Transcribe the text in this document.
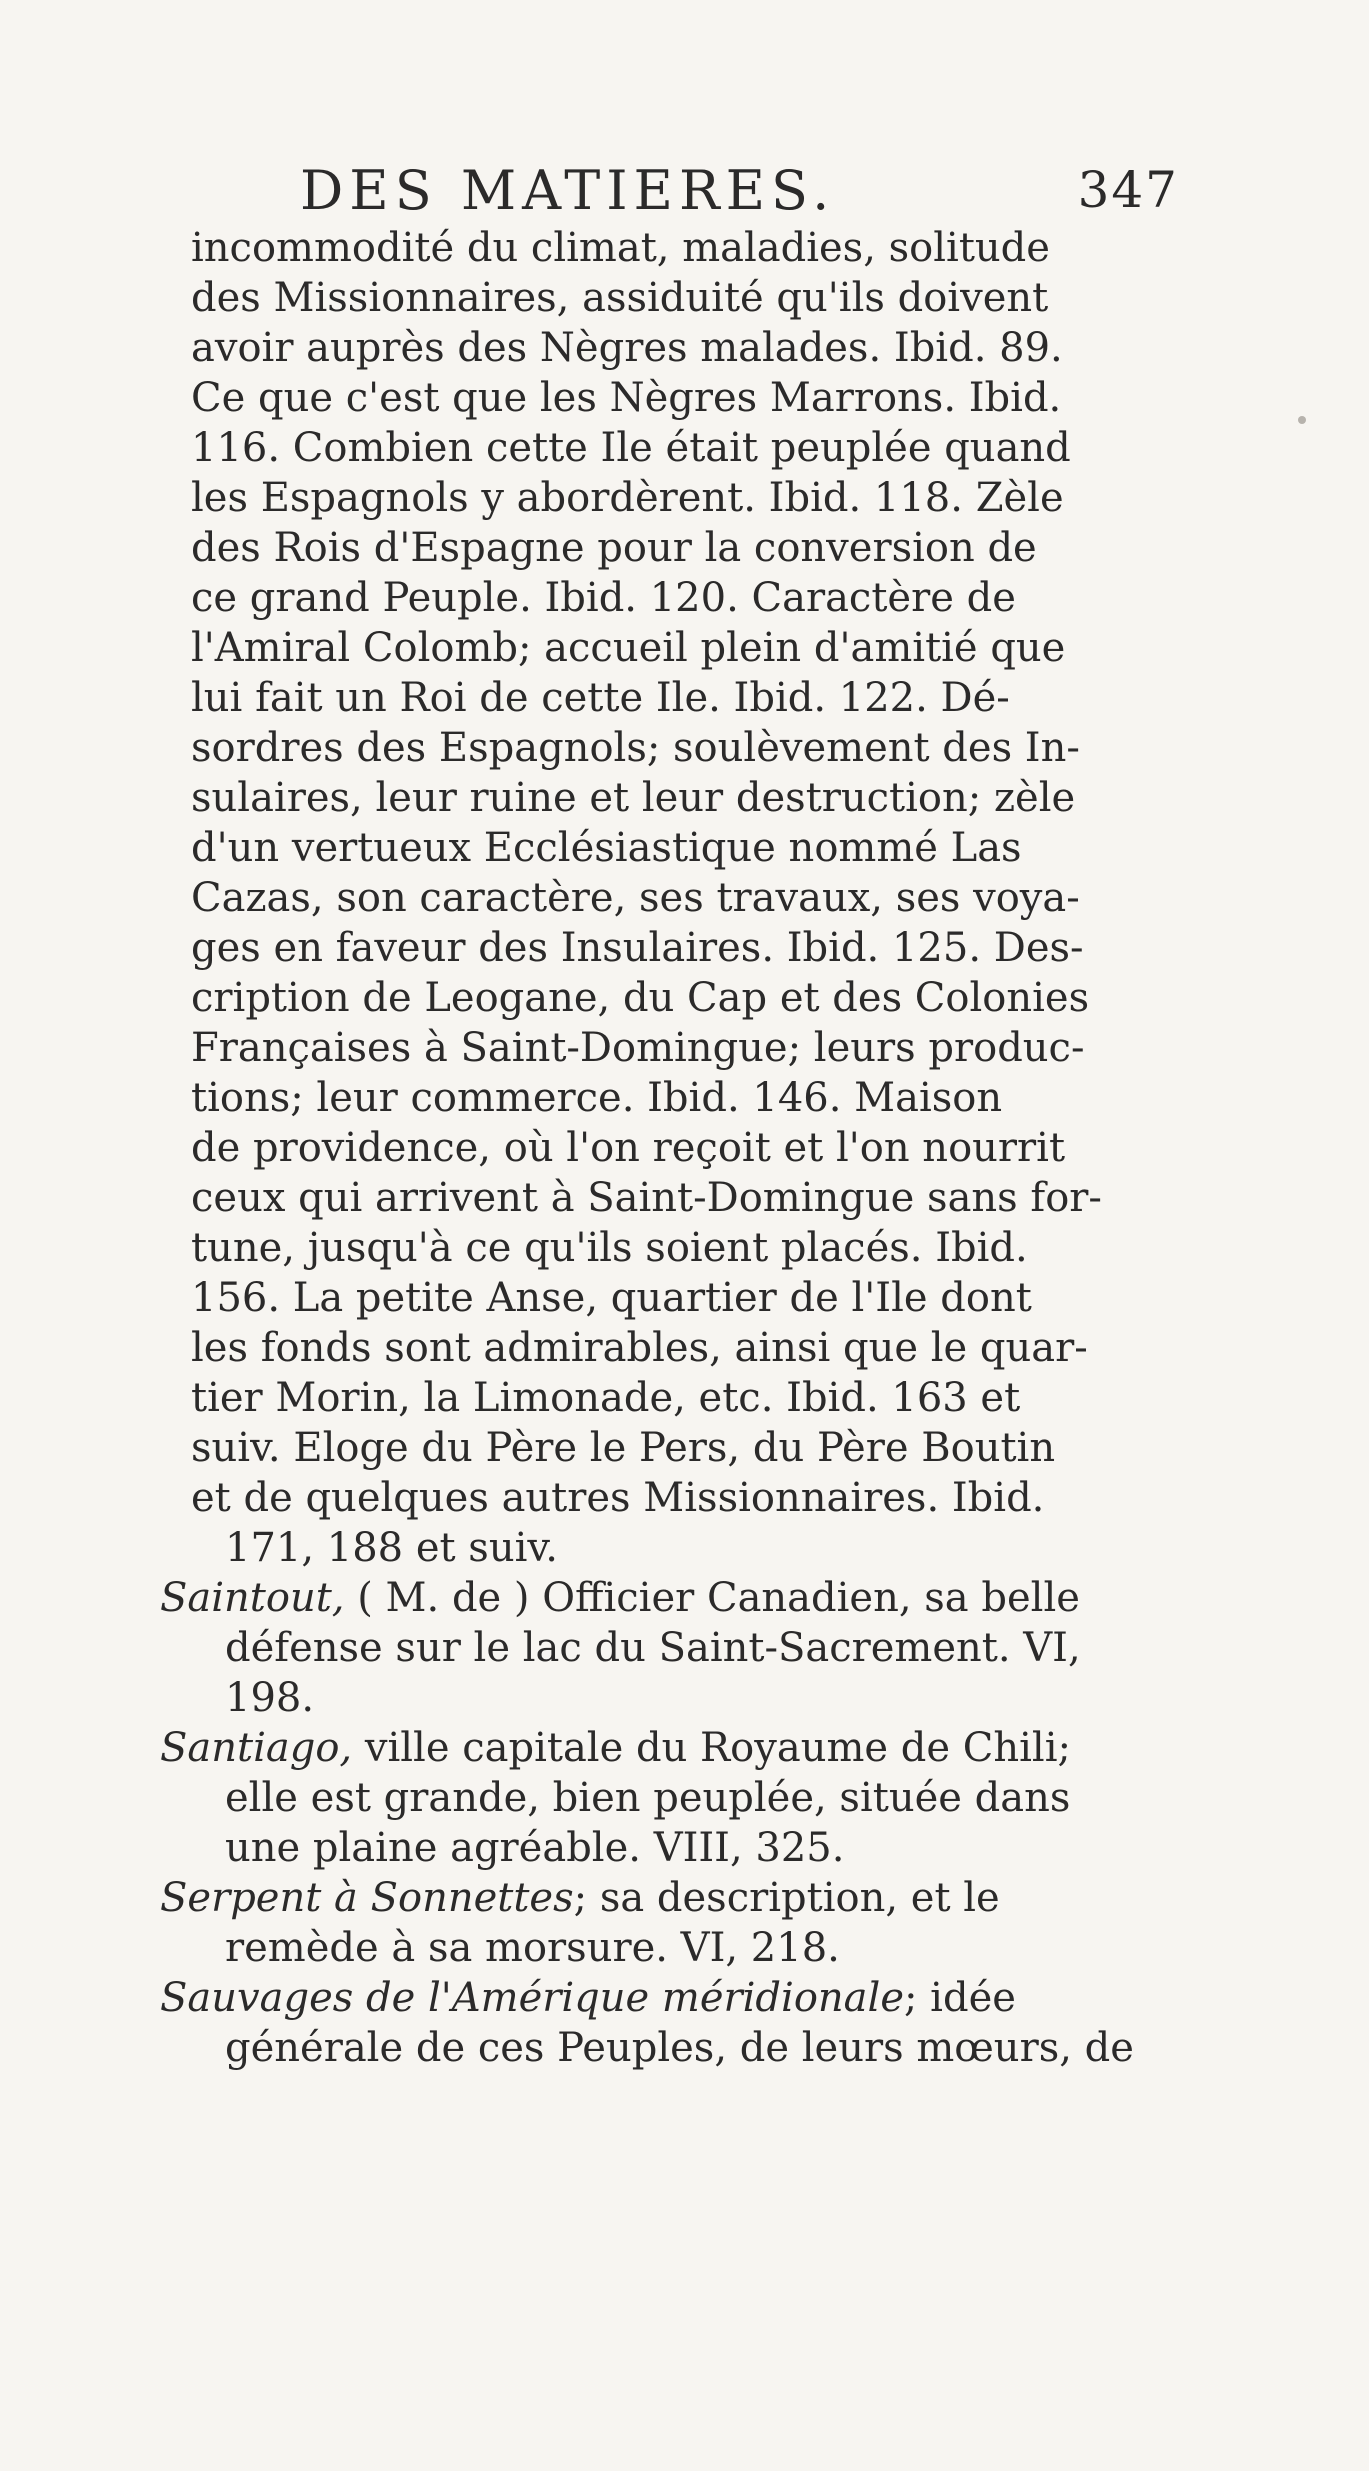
DES MATIERES.	347
incommodité du climat, maladies, solitude
des Missionnaires, assiduité qu'ils doivent
avoir auprès des Nègres malades. Ibid. 89.
Ce que c'est que les Nègres Marrons. Ibid.
116. Combien cette Ile était peuplée quand
les Espagnols y abordèrent. Ibid. 118. Zèle
des Rois d'Espagne pour la conversion de
ce grand Peuple. Ibid. 120. Caractère de
l'Amiral Colomb; accueil plein d'amitié que
lui fait un Roi de cette Ile. Ibid. 122. Dé-
sordres des Espagnols; soulèvement des In-
sulaires, leur ruine et leur destruction; zèle
d'un vertueux Ecclésiastique nommé Las
Cazas, son caractère, ses travaux, ses voya-
ges en faveur des Insulaires. Ibid. 125. Des-
cription de Leogane, du Cap et des Colonies
Françaises à Saint-Domingue; leurs produc-
tions; leur commerce. Ibid. 146. Maison
de providence, où l'on reçoit et l'on nourrit
ceux qui arrivent à Saint-Domingue sans for-
tune, jusqu'à ce qu'ils soient placés. Ibid.
156. La petite Anse, quartier de l'Ile dont
les fonds sont admirables, ainsi que le quar-
tier Morin, la Limonade, etc. Ibid. 163 et
suiv. Eloge du Père le Pers, du Père Boutin
et de quelques autres Missionnaires. Ibid.
171, 188 et suiv.
Saintout, ( M. de ) Officier Canadien, sa belle
défense sur le lac du Saint-Sacrement. VI,
198.
Santiago, ville capitale du Royaume de Chili;
elle est grande, bien peuplée, située dans
une plaine agréable. VIII, 325.
Serpent à Sonnettes; sa description, et le
remède à sa morsure. VI, 218.
Sauvages de l'Amérique méridionale; idée
générale de ces Peuples, de leurs mœurs, de
